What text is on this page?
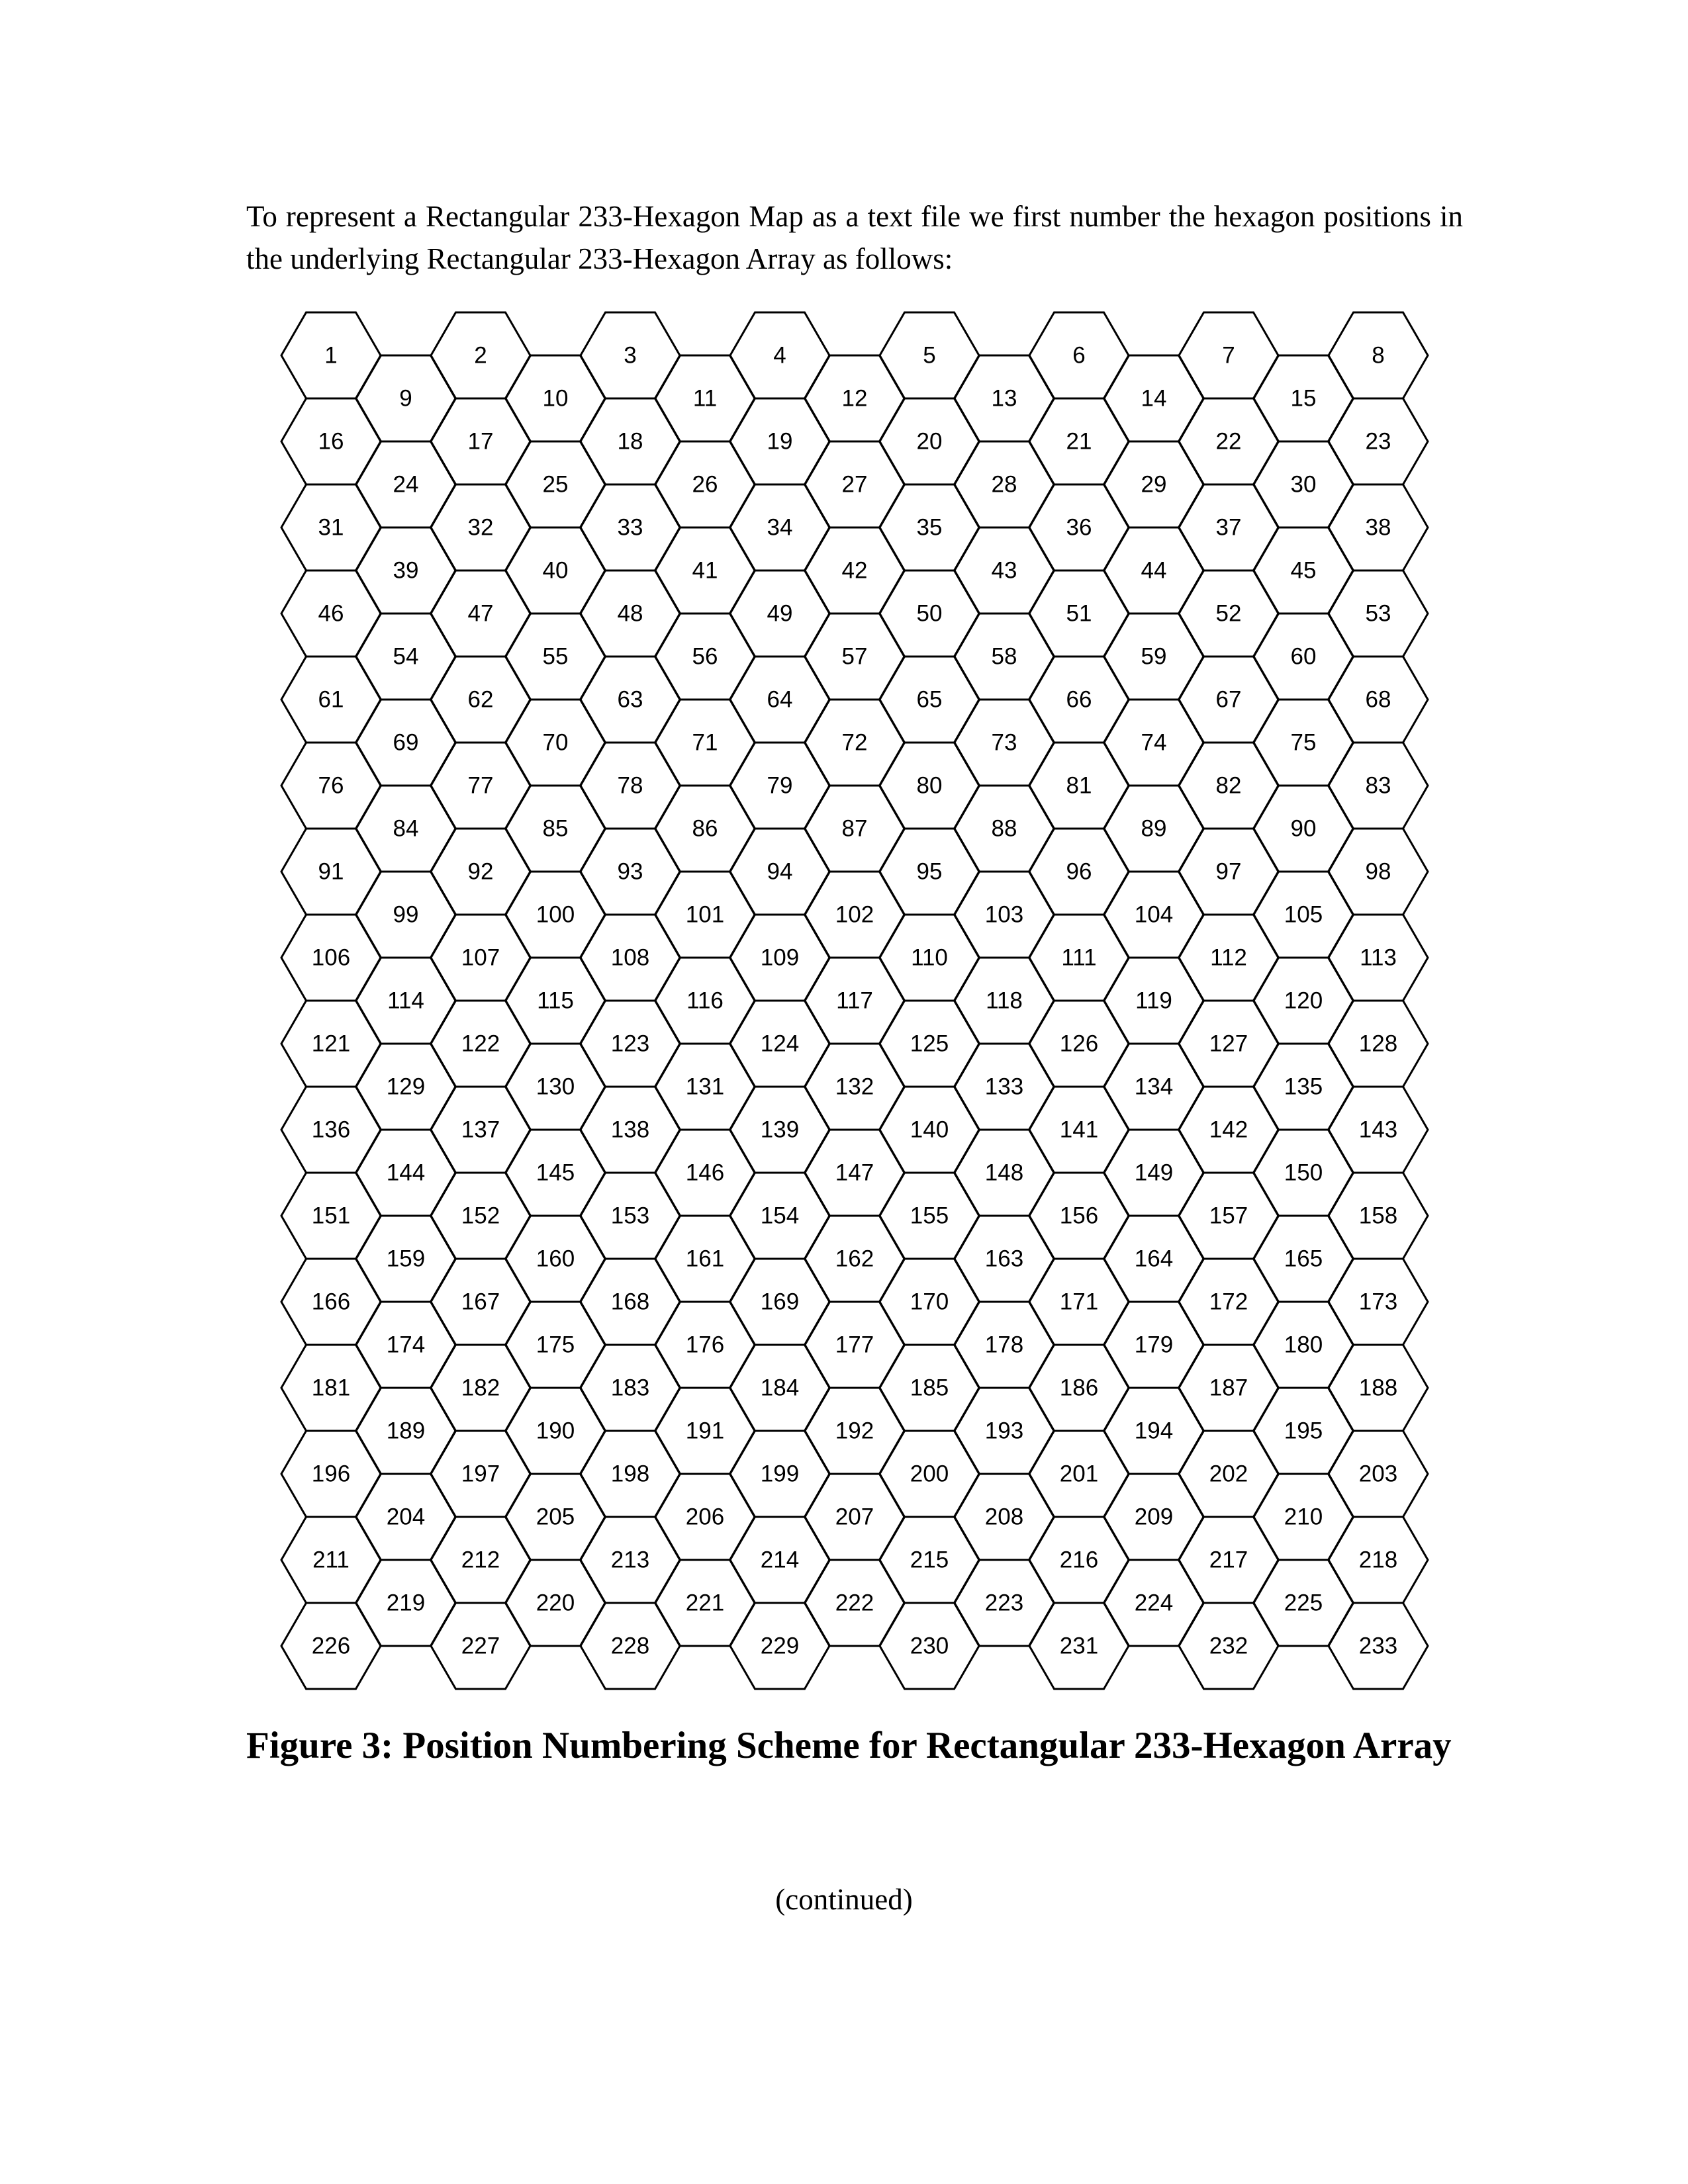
To represent a Rectangular 233-Hexagon Map as a text file we first number the hexagon positions in the underlying Rectangular 233-Hexagon Array as follows:

1	2	3	4	5	6	7	8
9	10	11	12	13	14	15
16	17	18	19	20	21	22	23
24	25	26	27	28	29	30
31	32	33	34	35	36	37	38
39	40	41	42	43	44	45
46	47	48	49	50	51	52	53
54	55	56	57	58	59	60
61	62	63	64	65	66	67	68
69	70	71	72	73	74	75
76	77	78	79	80	81	82	83
84	85	86	87	88	89	90
91	92	93	94	95	96	97	98
99	100	101	102	103	104	105
106	107	108	109	110	111	112	113
114	115	116	117	118	119	120
121	122	123	124	125	126	127	128
129	130	131	132	133	134	135
136	137	138	139	140	141	142	143
144	145	146	147	148	149	150
151	152	153	154	155	156	157	158
159	160	161	162	163	164	165
166	167	168	169	170	171	172	173
174	175	176	177	178	179	180
181	182	183	184	185	186	187	188
189	190	191	192	193	194	195
196	197	198	199	200	201	202	203
204	205	206	207	208	209	210
211	212	213	214	215	216	217	218
219	220	221	222	223	224	225
226	227	228	229	230	231	232	233

Figure 3: Position Numbering Scheme for Rectangular 233-Hexagon Array

(continued)
